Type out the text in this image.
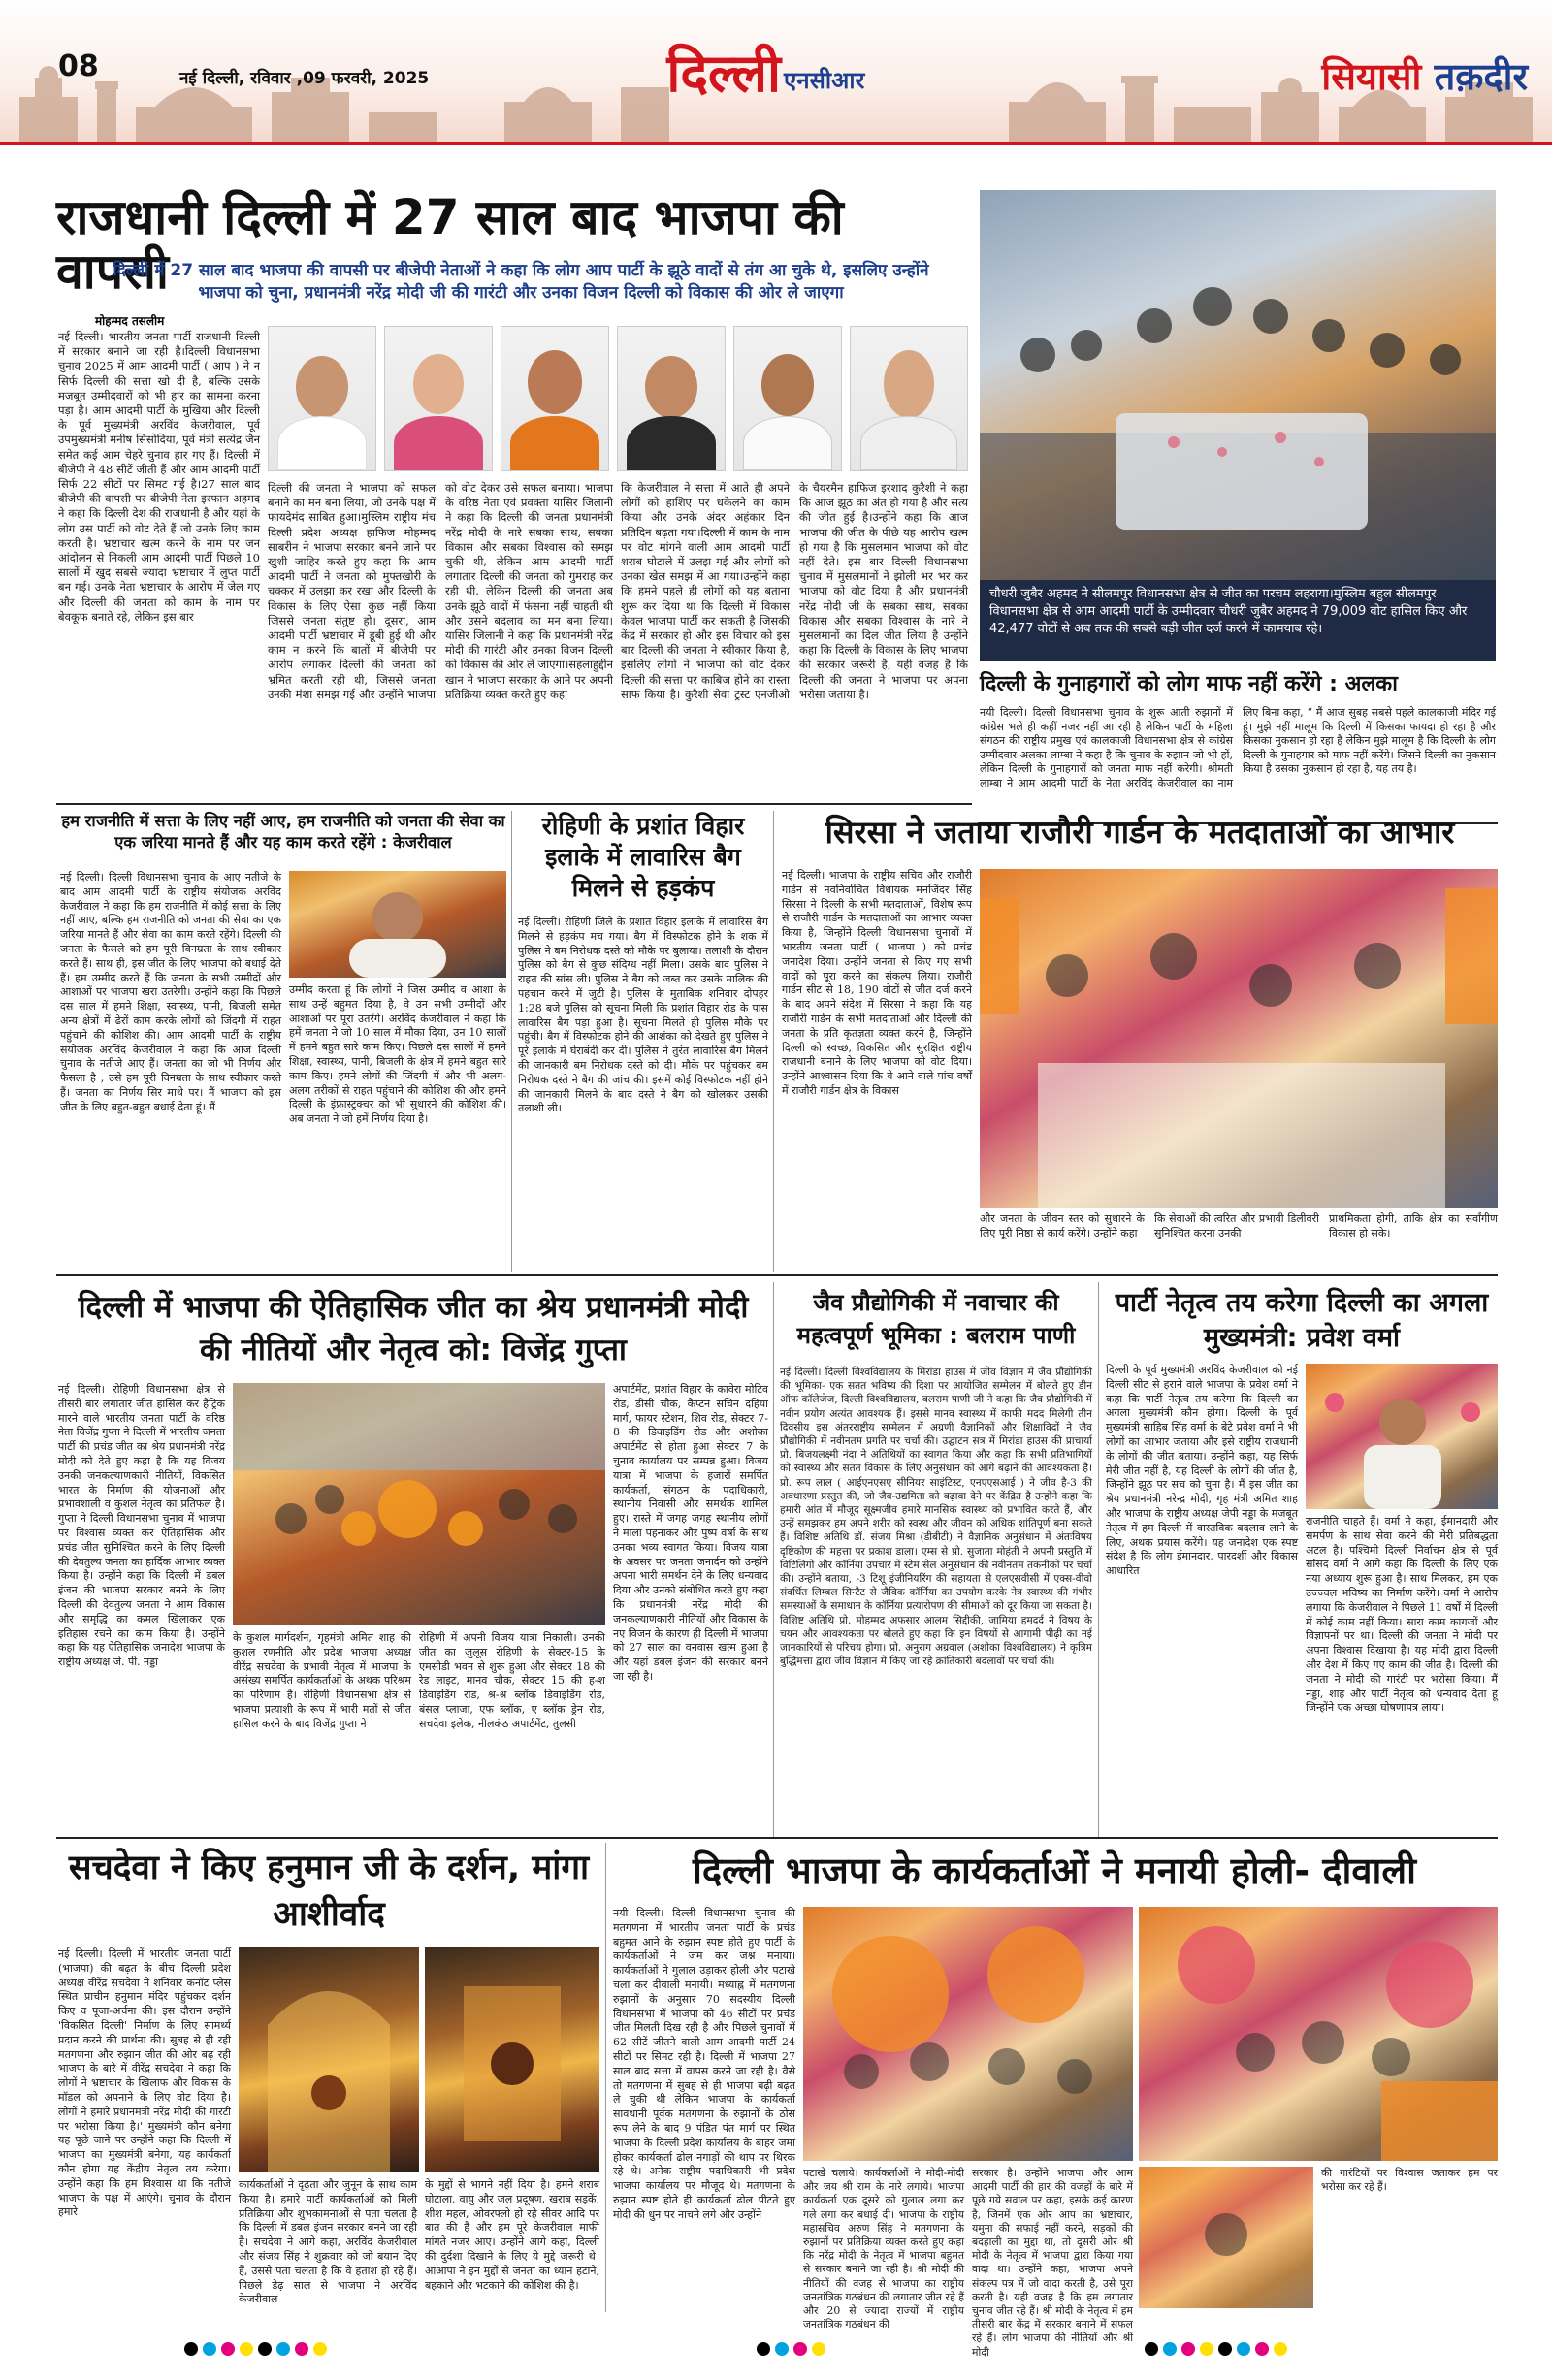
08	नई दिल्ली, रविवार ,09 फरवरी, 2025	दिल्ली एनसीआर	सियासी तक़दीर
राजधानी दिल्ली में 27 साल बाद भाजपा की वापसी
दिल्ली में 27 साल बाद भाजपा की वापसी पर बीजेपी नेताओं ने कहा कि लोग आप पार्टी के झूठे वादों से तंग आ चुके थे, इसलिए उन्होंने भाजपा को चुना, प्रधानमंत्री नरेंद्र मोदी जी की गारंटी और उनका विजन दिल्ली को विकास की ओर ले जाएगा
मोहम्मद तसलीम
नई दिल्ली। भारतीय जनता पार्टी राजधानी दिल्ली में सरकार बनाने जा रही है।दिल्ली विधानसभा चुनाव 2025 में आम आदमी पार्टी ( आप ) ने न सिर्फ दिल्ली की सत्ता खो दी है, बल्कि उसके मजबूत उम्मीदवारों को भी हार का सामना करना पड़ा है। आम आदमी पार्टी के मुखिया और दिल्ली के पूर्व मुख्यमंत्री अरविंद केजरीवाल, पूर्व उपमुख्यमंत्री मनीष सिसोदिया, पूर्व मंत्री सत्येंद्र जैन समेत कई आम चेहरे चुनाव हार गए हैं। दिल्ली में बीजेपी ने 48 सीटें जीती हैं और आम आदमी पार्टी सिर्फ 22 सीटों पर सिमट गई है।27 साल बाद बीजेपी की वापसी पर बीजेपी नेता इरफान अहमद ने कहा कि दिल्ली देश की राजधानी है और यहां के लोग उस पार्टी को वोट देते हैं जो उनके लिए काम करती है। भ्रष्टाचार खत्म करने के नाम पर जन आंदोलन से निकली आम आदमी पार्टी पिछले 10 सालों में खुद सबसे ज्यादा भ्रष्टाचार में लुप्त पार्टी बन गई। उनके नेता भ्रष्टाचार के आरोप में जेल गए और दिल्ली की जनता को काम के नाम पर बेवकूफ बनाते रहे, लेकिन इस बार
दिल्ली की जनता ने भाजपा को सफल बनाने का मन बना लिया, जो उनके पक्ष में फायदेमंद साबित हुआ।मुस्लिम राष्ट्रीय मंच दिल्ली प्रदेश अध्यक्ष हाफिज मोहम्मद साबरीन ने भाजपा सरकार बनने जाने पर खुशी जाहिर करते हुए कहा कि आम आदमी पार्टी ने जनता को मुफ्तखोरी के चक्कर में उलझा कर रखा और दिल्ली के विकास के लिए ऐसा कुछ नहीं किया जिससे जनता संतुष्ट हो। दूसरा, आम आदमी पार्टी भ्रष्टाचार में डूबी हुई थी और काम न करने कि बातों में बीजेपी पर आरोप लगाकर दिल्ली की जनता को भ्रमित करती रही थी, जिससे जनता उनकी मंशा समझ गई और उन्होंने भाजपा को वोट देकर उसे सफल बनाया। भाजपा के वरिष्ठ नेता एवं प्रवक्ता यासिर जिलानी ने कहा कि दिल्ली की जनता प्रधानमंत्री नरेंद्र मोदी के नारे सबका साथ, सबका विकास और सबका विश्वास को समझ चुकी थी, लेकिन आम आदमी पार्टी लगातार दिल्ली की जनता को गुमराह कर रही थी, लेकिन दिल्ली की जनता अब उनके झूठे वादों में फंसना नहीं चाहती थी और उसने बदलाव का मन बना लिया। यासिर जिलानी ने कहा कि प्रधानमंत्री नरेंद्र मोदी की गारंटी और उनका विजन दिल्ली को विकास की ओर ले जाएगा।सहलाहुद्दीन खान ने भाजपा सरकार के आने पर अपनी प्रतिक्रिया व्यक्त करते हुए कहा
कि केजरीवाल ने सत्ता में आते ही अपने लोगों को हाशिए पर धकेलने का काम किया और उनके अंदर अहंकार दिन प्रतिदिन बढ़ता गया।दिल्ली में काम के नाम पर वोट मांगने वाली आम आदमी पार्टी शराब घोटाले में उलझ गई और लोगों को उनका खेल समझ में आ गया।उन्होंने कहा कि हमने पहले ही लोगों को यह बताना शुरू कर दिया था कि दिल्ली में विकास केवल भाजपा पार्टी कर सकती है जिसकी केंद्र में सरकार हो और इस विचार को इस बार दिल्ली की जनता ने स्वीकार किया है, इसलिए लोगों ने भाजपा को वोट देकर दिल्ली की सत्ता पर काबिज होने का रास्ता साफ किया है। कुरैशी सेवा ट्रस्ट एनजीओ के चैयरमैन हाफिज इरशाद कुरैशी ने कहा कि आज झूठ का अंत हो गया है और सत्य की जीत हुई है।उन्होंने कहा कि आज भाजपा की जीत के पीछे यह आरोप खत्म हो गया है कि मुसलमान भाजपा को वोट नहीं देते। इस बार दिल्ली विधानसभा चुनाव में मुसलमानों ने झोली भर भर कर भाजपा को वोट दिया है और प्रधानमंत्री नरेंद्र मोदी जी के सबका साथ, सबका विकास और सबका विश्वास के नारे ने मुसलमानों का दिल जीत लिया है उन्होंने कहा कि दिल्ली के विकास के लिए भाजपा की सरकार जरूरी है, यही वजह है कि दिल्ली की जनता ने भाजपा पर अपना भरोसा जताया है।
चौधरी जुबैर अहमद ने सीलमपुर विधानसभा क्षेत्र से जीत का परचम लहराया।मुस्लिम बहुल सीलमपुर विधानसभा क्षेत्र से आम आदमी पार्टी के उम्मीदवार चौधरी जुबैर अहमद ने 79,009 वोट हासिल किए और 42,477 वोटों से अब तक की सबसे बड़ी जीत दर्ज करने में कामयाब रहे।
दिल्ली के गुनाहगारों को लोग माफ नहीं करेंगे : अलका
नयी दिल्ली। दिल्ली विधानसभा चुनाव के शुरू आती रुझानों में कांग्रेस भले ही कहीं नजर नहीं आ रही है लेकिन पार्टी के महिला संगठन की राष्ट्रीय प्रमुख एवं कालकाजी विधानसभा क्षेत्र से कांग्रेस उम्मीदवार अलका लाम्बा ने कहा है कि चुनाव के रुझान जो भी हों, लेकिन दिल्ली के गुनाहगारों को जनता माफ नहीं करेगी। श्रीमती लाम्बा ने आम आदमी पार्टी के नेता अरविंद केजरीवाल का नाम लिए बिना कहा, “ मैं आज सुबह सबसे पहले कालकाजी मंदिर गई हूं। मुझे नहीं मालूम कि दिल्ली में किसका फायदा हो रहा है और किसका नुकसान हो रहा है लेकिन मुझे मालूम है कि दिल्ली के लोग दिल्ली के गुनाहगार को माफ नहीं करेंगे। जिसने दिल्ली का नुकसान किया है उसका नुकसान हो रहा है, यह तय है।
हम राजनीति में सत्ता के लिए नहीं आए, हम राजनीति को जनता की सेवा का एक जरिया मानते हैं और यह काम करते रहेंगे : केजरीवाल
नई दिल्ली। दिल्ली विधानसभा चुनाव के आए नतीजे के बाद आम आदमी पार्टी के राष्ट्रीय संयोजक अरविंद केजरीवाल ने कहा कि हम राजनीति में कोई सत्ता के लिए नहीं आए, बल्कि हम राजनीति को जनता की सेवा का एक जरिया मानते हैं और सेवा का काम करते रहेंगे। दिल्ली की जनता के फैसले को हम पूरी विनम्रता के साथ स्वीकार करते हैं। साथ ही, इस जीत के लिए भाजपा को बधाई देते हैं। हम उम्मीद करते हैं कि जनता के सभी उम्मीदों और आशाओं पर भाजपा खरा उतरेगी। उन्होंने कहा कि पिछले दस साल में हमने शिक्षा, स्वास्थ्य, पानी, बिजली समेत अन्य क्षेत्रों में ढेरों काम करके लोगों को जिंदगी में राहत पहुंचाने की कोशिश की। आम आदमी पार्टी के राष्ट्रीय संयोजक अरविंद केजरीवाल ने कहा कि आज दिल्ली चुनाव के नतीजे आए हैं। जनता का जो भी निर्णय और फैसला है , उसे हम पूरी विनम्रता के साथ स्वीकार करते हैं। जनता का निर्णय सिर माथे पर। मैं भाजपा को इस जीत के लिए बहुत-बहुत बधाई देता हूं। मैं
उम्मीद करता हूं कि लोगों ने जिस उम्मीद व आशा के साथ उन्हें बहुमत दिया है, वे उन सभी उम्मीदों और आशाओं पर पूरा उतरेंगे। अरविंद केजरीवाल ने कहा कि हमें जनता ने जो 10 साल में मौका दिया, उन 10 सालों में हमने बहुत सारे काम किए। पिछले दस सालों में हमने शिक्षा, स्वास्थ्य, पानी, बिजली के क्षेत्र में हमने बहुत सारे काम किए। हमने लोगों की जिंदगी में और भी अलग-अलग तरीकों से राहत पहुंचाने की कोशिश की और हमने दिल्ली के इंफ्रास्ट्रक्चर को भी सुधारने की कोशिश की। अब जनता ने जो हमें निर्णय दिया है।
रोहिणी के प्रशांत विहार इलाके में लावारिस बैग मिलने से हड़कंप
नई दिल्ली। रोहिणी जिले के प्रशांत विहार इलाके में लावारिस बैग मिलने से हड़कंप मच गया। बैग में विस्फोटक होने के शक में पुलिस ने बम निरोधक दस्ते को मौके पर बुलाया। तलाशी के दौरान पुलिस को बैग से कुछ संदिग्ध नहीं मिला। उसके बाद पुलिस ने राहत की सांस ली। पुलिस ने बैग को जब्त कर उसके मालिक की पहचान करने में जुटी है। पुलिस के मुताबिक शनिवार दोपहर 1:28 बजे पुलिस को सूचना मिली कि प्रशांत विहार रोड के पास लावारिस बैग पड़ा हुआ है। सूचना मिलते ही पुलिस मौके पर पहुंची। बैग में विस्फोटक होने की आशंका को देखते हुए पुलिस ने पूरे इलाके में घेराबंदी कर दी। पुलिस ने तुरंत लावारिस बैग मिलने की जानकारी बम निरोधक दस्ते को दी। मौके पर पहुंचकर बम निरोधक दस्ते ने बैग की जांच की। इसमें कोई विस्फोटक नहीं होने की जानकारी मिलने के बाद दस्ते ने बैग को खोलकर उसकी तलाशी ली।
सिरसा ने जताया राजौरी गार्डन के मतदाताओं का आभार
नई दिल्ली। भाजपा के राष्ट्रीय सचिव और राजौरी गार्डन से नवनिर्वाचित विधायक मनजिंदर सिंह सिरसा ने दिल्ली के सभी मतदाताओं, विशेष रूप से राजौरी गार्डन के मतदाताओं का आभार व्यक्त किया है, जिन्होंने दिल्ली विधानसभा चुनावों में भारतीय जनता पार्टी ( भाजपा ) को प्रचंड जनादेश दिया। उन्होंने जनता से किए गए सभी वादों को पूरा करने का संकल्प लिया। राजौरी गार्डन सीट से 18, 190 वोटों से जीत दर्ज करने के बाद अपने संदेश में सिरसा ने कहा कि यह राजौरी गार्डन के सभी मतदाताओं और दिल्ली की जनता के प्रति कृतज्ञता व्यक्त करने है, जिन्होंने दिल्ली को स्वच्छ, विकसित और सुरक्षित राष्ट्रीय राजधानी बनाने के लिए भाजपा को वोट दिया। उन्होंने आश्वासन दिया कि वे आने वाले पांच वर्षों में राजौरी गार्डन क्षेत्र के विकास
और जनता के जीवन स्तर को सुधारने के लिए पूरी निष्ठा से कार्य करेंगे। उन्होंने कहा
कि सेवाओं की त्वरित और प्रभावी डिलीवरी सुनिश्चित करना उनकी
प्राथमिकता होगी, ताकि क्षेत्र का सर्वांगीण विकास हो सके।
दिल्ली में भाजपा की ऐतिहासिक जीत का श्रेय प्रधानमंत्री मोदी की नीतियों और नेतृत्व को: विजेंद्र गुप्ता
नई दिल्ली। रोहिणी विधानसभा क्षेत्र से तीसरी बार लगातार जीत हासिल कर हैट्रिक मारने वाले भारतीय जनता पार्टी के वरिष्ठ नेता विजेंद्र गुप्ता ने दिल्ली में भारतीय जनता पार्टी की प्रचंड जीत का श्रेय प्रधानमंत्री नरेंद्र मोदी को देते हुए कहा है कि यह विजय उनकी जनकल्याणकारी नीतियों, विकसित भारत के निर्माण की योजनाओं और प्रभावशाली व कुशल नेतृत्व का प्रतिफल है। गुप्ता ने दिल्ली विधानसभा चुनाव में भाजपा पर विश्वास व्यक्त कर ऐतिहासिक और प्रचंड जीत सुनिश्चित करने के लिए दिल्ली की देवतुल्य जनता का हार्दिक आभार व्यक्त किया है। उन्होंने कहा कि दिल्ली में डबल इंजन की भाजपा सरकार बनने के लिए दिल्ली की देवतुल्य जनता ने आम विकास और समृद्धि का कमल खिलाकर एक इतिहास रचने का काम किया है। उन्होंने कहा कि यह ऐतिहासिक जनादेश भाजपा के राष्ट्रीय अध्यक्ष जे. पी. नड्डा
के कुशल मार्गदर्शन, गृहमंत्री अमित शाह की कुशल रणनीति और प्रदेश भाजपा अध्यक्ष वीरेंद्र सचदेवा के प्रभावी नेतृत्व में भाजपा के असंख्य समर्पित कार्यकर्ताओं के अथक परिश्रम का परिणाम है। रोहिणी विधानसभा क्षेत्र से भाजपा प्रत्याशी के रूप में भारी मतों से जीत हासिल करने के बाद विजेंद्र गुप्ता ने
रोहिणी में अपनी विजय यात्रा निकाली। उनकी जीत का जुलूस रोहिणी के सेक्टर-15 के एमसीडी भवन से शुरू हुआ और सेक्टर 18 की रेड लाइट, मानव चौक, सेक्टर 15 की ह-श डिवाइडिंग रोड, श्र-श्र ब्लॉक डिवाइडिंग रोड, बंसल प्लाजा, एफ ब्लॉक, ए ब्लॉक ड्रेन रोड, सचदेवा इलेक, नीलकंठ अपार्टमेंट, तुलसी
अपार्टमेंट, प्रशांत विहार के कावेरा मोटिव रोड, डीसी चौक, कैप्टन सचिन दहिया मार्ग, फायर स्टेशन, शिव रोड, सेक्टर 7-8 की डिवाइडिंग रोड और अशोका अपार्टमेंट से होता हुआ सेक्टर 7 के चुनाव कार्यालय पर सम्पन्न हुआ। विजय यात्रा में भाजपा के हजारों समर्पित कार्यकर्ता, संगठन के पदाधिकारी, स्थानीय निवासी और समर्थक शामिल हुए। रास्ते में जगह जगह स्थानीय लोगों ने माला पहनाकर और पुष्प वर्षा के साथ उनका भव्य स्वागत किया। विजय यात्रा के अवसर पर जनता जनार्दन को उन्होंने अपना भारी समर्थन देने के लिए धन्यवाद दिया और उनको संबोधित करते हुए कहा कि प्रधानमंत्री नरेंद्र मोदी की जनकल्याणकारी नीतियों और विकास के नए विजन के कारण ही दिल्ली में भाजपा को 27 साल का वनवास खत्म हुआ है और यहां डबल इंजन की सरकार बनने जा रही है।
जैव प्रौद्योगिकी में नवाचार की महत्वपूर्ण भूमिका : बलराम पाणी
नई दिल्ली। दिल्ली विश्वविद्यालय के मिरांडा हाउस में जीव विज्ञान में जैव प्रौद्योगिकी की भूमिका- एक सतत भविष्य की दिशा पर आयोजित सम्मेलन में बोलते हुए डीन ऑफ कॉलेजेज, दिल्ली विश्वविद्यालय, बलराम पाणी जी ने कहा कि जैव प्रौद्योगिकी में नवीन प्रयोग अत्यंत आवश्यक हैं। इससे मानव स्वास्थ्य में काफी मदद मिलेगी तीन दिवसीय इस अंतरराष्ट्रीय सम्मेलन में अग्रणी वैज्ञानिकों और शिक्षाविदों ने जैव प्रौद्योगिकी में नवीनतम प्रगति पर चर्चा की। उद्घाटन सत्र में मिरांडा हाउस की प्राचार्या प्रो. बिजयलक्ष्मी नंदा ने अतिथियों का स्वागत किया और कहा कि सभी प्रतिभागियों को स्वास्थ्य और सतत विकास के लिए अनुसंधान को आगे बढ़ाने की आवश्यकता है। प्रो. रूप लाल ( आईएनएसए सीनियर साइंटिस्ट, एनएएसआई ) ने जीव है-3 की अवधारणा प्रस्तुत की, जो जैव-उद्यमिता को बढ़ावा देने पर केंद्रित है उन्होंने कहा कि हमारी आंत में मौजूद सूक्ष्मजीव हमारे मानसिक स्वास्थ्य को प्रभावित करते हैं, और उन्हें समझकर हम अपने शरीर को स्वस्थ और जीवन को अधिक शांतिपूर्ण बना सकते हैं। विशिष्ट अतिथि डॉ. संजय मिश्रा (डीबीटी) ने वैज्ञानिक अनुसंधान में अंतःविषय दृष्टिकोण की महत्ता पर प्रकाश डाला। एम्स से प्रो. सुजाता मोहंती ने अपनी प्रस्तुति में विटिलिगो और कॉर्निया उपचार में स्टेम सेल अनुसंधान की नवीनतम तकनीकों पर चर्चा की। उन्होंने बताया, -3 टिशू इंजीनियरिंग की सहायता से एलएसवीसी में एक्स-वीवो संवर्धित लिम्बल सिन्टैट से जैविक कॉर्निया का उपयोग करके नेत्र स्वास्थ्य की गंभीर समस्याओं के समाधान के कॉर्निया प्रत्यारोपण की सीमाओं को दूर किया जा सकता है। विशिष्ट अतिथि प्रो. मोहम्मद अफसार आलम सिद्दीकी, जामिया हमदर्द ने विषय के चयन और आवश्यकता पर बोलते हुए कहा कि इन विषयों से आगामी पीढ़ी का नई जानकारियों से परिचय होगा। प्रो. अनुराग अग्रवाल (अशोका विश्वविद्यालय) ने कृत्रिम बुद्धिमत्ता द्वारा जीव विज्ञान में किए जा रहे क्रांतिकारी बदलावों पर चर्चा की।
पार्टी नेतृत्व तय करेगा दिल्ली का अगला मुख्यमंत्री: प्रवेश वर्मा
दिल्ली के पूर्व मुख्यमंत्री अरविंद केजरीवाल को नई दिल्ली सीट से हराने वाले भाजपा के प्रवेश वर्मा ने कहा कि पार्टी नेतृत्व तय करेगा कि दिल्ली का अगला मुख्यमंत्री कौन होगा। दिल्ली के पूर्व मुख्यमंत्री साहिब सिंह वर्मा के बेटे प्रवेश वर्मा ने भी लोगों का आभार जताया और इसे राष्ट्रीय राजधानी के लोगों की जीत बताया। उन्होंने कहा, यह सिर्फ मेरी जीत नहीं है, यह दिल्ली के लोगों की जीत है, जिन्होंने झूठ पर सच को चुना है। मैं इस जीत का श्रेय प्रधानमंत्री नरेन्द्र मोदी, गृह मंत्री अमित शाह और भाजपा के राष्ट्रीय अध्यक्ष जेपी नड्डा के मजबूत नेतृत्व में हम दिल्ली में वास्तविक बदलाव लाने के लिए, अथक प्रयास करेंगे। यह जनादेश एक स्पष्ट संदेश है कि लोग ईमानदार, पारदर्शी और विकास आधारित
राजनीति चाहते हैं। वर्मा ने कहा, ईमानदारी और समर्पण के साथ सेवा करने की मेरी प्रतिबद्धता अटल है। पश्चिमी दिल्ली निर्वाचन क्षेत्र से पूर्व सांसद वर्मा ने आगे कहा कि दिल्ली के लिए एक नया अध्याय शुरू हुआ है। साथ मिलकर, हम एक उज्ज्वल भविष्य का निर्माण करेंगे। वर्मा ने आरोप लगाया कि केजरीवाल ने पिछले 11 वर्षों में दिल्ली में कोई काम नहीं किया। सारा काम कागजों और विज्ञापनों पर था। दिल्ली की जनता ने मोदी पर अपना विश्वास दिखाया है। यह मोदी द्वारा दिल्ली और देश में किए गए काम की जीत है। दिल्ली की जनता ने मोदी की गारंटी पर भरोसा किया। मैं नड्डा, शाह और पार्टी नेतृत्व को धन्यवाद देता हूं जिन्होंने एक अच्छा घोषणापत्र लाया।
सचदेवा ने किए हनुमान जी के दर्शन, मांगा आशीर्वाद
नई दिल्ली। दिल्ली में भारतीय जनता पार्टी (भाजपा) की बढ़त के बीच दिल्ली प्रदेश अध्यक्ष वीरेंद्र सचदेवा ने शनिवार कनॉट प्लेस स्थित प्राचीन हनुमान मंदिर पहुंचकर दर्शन किए व पूजा-अर्चना की। इस दौरान उन्होंने 'विकसित दिल्ली' निर्माण के लिए सामर्थ्य प्रदान करने की प्रार्थना की। सुबह से ही रही मतगणना और रुझान जीत की ओर बढ़ रही भाजपा के बारे में वीरेंद्र सचदेवा ने कहा कि लोगों ने भ्रष्टाचार के खिलाफ और विकास के मॉडल को अपनाने के लिए वोट दिया है। लोगों ने हमारे प्रधानमंत्री नरेंद्र मोदी की गारंटी पर भरोसा किया है।' मुख्यमंत्री कौन बनेगा यह पूछे जाने पर उन्होंने कहा कि दिल्ली में भाजपा का मुख्यमंत्री बनेगा, यह कार्यकर्ता कौन होगा यह केंद्रीय नेतृत्व तय करेगा। उन्होंने कहा कि हम विश्वास था कि नतीजे भाजपा के पक्ष में आएंगे। चुनाव के दौरान हमारे
कार्यकर्ताओं ने दृढ़ता और जुनून के साथ काम किया है। हमारे पार्टी कार्यकर्ताओं को मिली प्रतिक्रिया और शुभकामनाओं से पता चलता है कि दिल्ली में डबल इंजन सरकार बनने जा रही है। सचदेवा ने आगे कहा, अरविंद केजरीवाल और संजय सिंह ने शुक्रवार को जो बयान दिए हैं, उससे पता चलता है कि वे हताश हो रहे हैं। पिछले डेढ़ साल से भाजपा ने अरविंद केजरीवाल
के मुद्दों से भागने नहीं दिया है। हमने शराब घोटाला, वायु और जल प्रदूषण, खराब सड़कें, शीश महल, ओवरफ्लो हो रहे सीवर आदि पर बात की है और हम पूरे केजरीवाल माफी मांगते नजर आए। उन्होंने आगे कहा, दिल्ली की दुर्दशा दिखाने के लिए ये मुद्दे जरूरी थे। आआपा ने इन मुद्दों से जनता का ध्यान हटाने, बहकाने और भटकाने की कोशिश की है।
दिल्ली भाजपा के कार्यकर्ताओं ने मनायी होली- दीवाली
नयी दिल्ली। दिल्ली विधानसभा चुनाव की मतगणना में भारतीय जनता पार्टी के प्रचंड बहुमत आने के रुझान स्पष्ट होते हुए पार्टी के कार्यकर्ताओं ने जम कर जश्न मनाया। कार्यकर्ताओं ने गुलाल उड़ाकर होली और पटाखे चला कर दीवाली मनायी। मध्याह्न में मतगणना रुझानों के अनुसार 70 सदस्यीय दिल्ली विधानसभा में भाजपा को 46 सीटों पर प्रचंड जीत मिलती दिख रही है और पिछले चुनावों में 62 सीटें जीतने वाली आम आदमी पार्टी 24 सीटों पर सिमट रही है। दिल्ली में भाजपा 27 साल बाद सत्ता में वापस करने जा रही है। वैसे तो मतगणना में सुबह से ही भाजपा बढ़ी बढ़त ले चुकी थी लेकिन भाजपा के कार्यकर्ता सावधानी पूर्वक मतगणना के रुझानों के ठोस रूप लेने के बाद 9 पंडित पंत मार्ग पर स्थित भाजपा के दिल्ली प्रदेश कार्यालय के बाहर जमा होकर कार्यकर्ता ढोल नगाड़ों की थाप पर थिरक रहे थे। अनेक राष्ट्रीय पदाधिकारी भी प्रदेश भाजपा कार्यालय पर मौजूद थे। मतगणना के रुझान स्पष्ट होते ही कार्यकर्ता ढोल पीटते हुए मोदी की धुन पर नाचने लगे और उन्होंने
पटाखे चलाये। कार्यकर्ताओं ने मोदी-मोदी और जय श्री राम के नारे लगाये। भाजपा कार्यकर्ता एक दूसरे को गुलाल लगा कर गले लगा कर बधाई दी। भाजपा के राष्ट्रीय महासचिव अरुण सिंह ने मतगणना के रुझानों पर प्रतिक्रिया व्यक्त करते हुए कहा कि नरेंद्र मोदी के नेतृत्व में भाजपा बहुमत से सरकार बनाने जा रही है। श्री मोदी की नीतियों की वजह से भाजपा का राष्ट्रीय जनतांत्रिक गठबंधन की लगातार जीत रहे हैं और 20 से ज्यादा राज्यों में राष्ट्रीय जनतांत्रिक गठबंधन की
सरकार है। उन्होंने भाजपा और आम आदमी पार्टी की हार की वजहों के बारे में पूछे गये सवाल पर कहा, इसके कई कारण है, जिनमें एक ओर आप का भ्रष्टाचार, यमुना की सफाई नहीं करने, सड़कों की बदहाली का मुद्दा था, तो दूसरी ओर श्री मोदी के नेतृत्व में भाजपा द्वारा किया गया वादा था। उन्होंने कहा, भाजपा अपने संकल्प पत्र में जो वादा करती है, उसे पूरा करती है। यही वजह है कि हम लगातार चुनाव जीत रहे हैं। श्री मोदी के नेतृत्व में हम तीसरी बार केंद्र में सरकार बनाने में सफल रहे हैं। लोग भाजपा की नीतियों और श्री मोदी
की गारंटियों पर विश्वास जताकर हम पर भरोसा कर रहे हैं।
